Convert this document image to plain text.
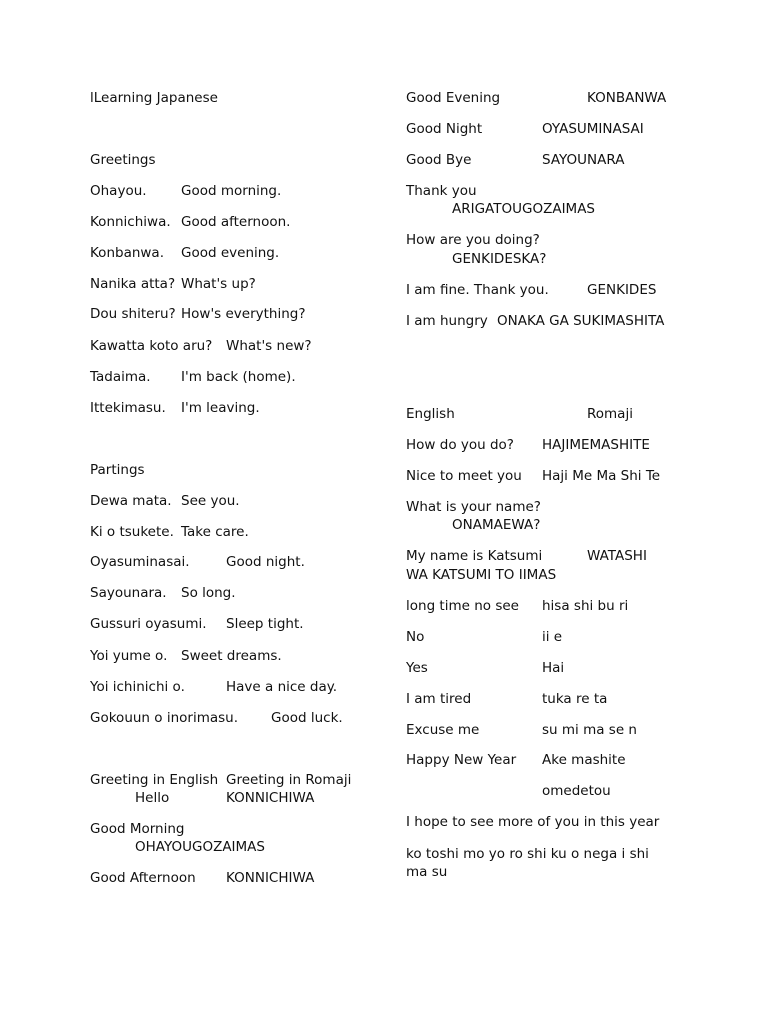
lLearning Japanese
Greetings
Ohayou.	Good morning.
Konnichiwa. Good afternoon.
Konbanwa. Good evening.
Nanika atta? What's up?
Dou shiteru? How's everything?
Kawatta koto aru? What's new?
Tadaima. I'm back (home).
Ittekimasu. I'm leaving.
Partings
Dewa mata. See you.
Ki o tsukete. Take care.
Oyasuminasai.	Good night.
Sayounara. So long.
Gussuri oyasumi. Sleep tight.
Yoi yume o. Sweet dreams.
Yoi ichinichi o.	Have a nice day.
Gokouun o inorimasu. Good luck.
Greeting in English Greeting in Romaji
Hello	KONNICHIWA
Good Morning
OHAYOUGOZAIMAS
Good Afternoon KONNICHIWA
Good Evening	KONBANWA
Good Night	OYASUMINASAI
Good Bye	SAYOUNARA
Thank you
ARIGATOUGOZAIMAS
How are you doing?
GENKIDESKA?
I am fine. Thank you.	GENKIDES
I am hungry ONAKA GA SUKIMASHITA
English	Romaji
How do you do? HAJIMEMASHITE
Nice to meet you Haji Me Ma Shi Te
What is your name?
ONAMAEWA?
My name is Katsumi	WATASHI
WA KATSUMI TO IIMAS
long time no see hisa shi bu ri
No	ii e
Yes	Hai
I am tired	tuka re ta
Excuse me	su mi ma se n
Happy New Year Ake mashite
omedetou
I hope to see more of you in this year
ko toshi mo yo ro shi ku o nega i shi
ma su
